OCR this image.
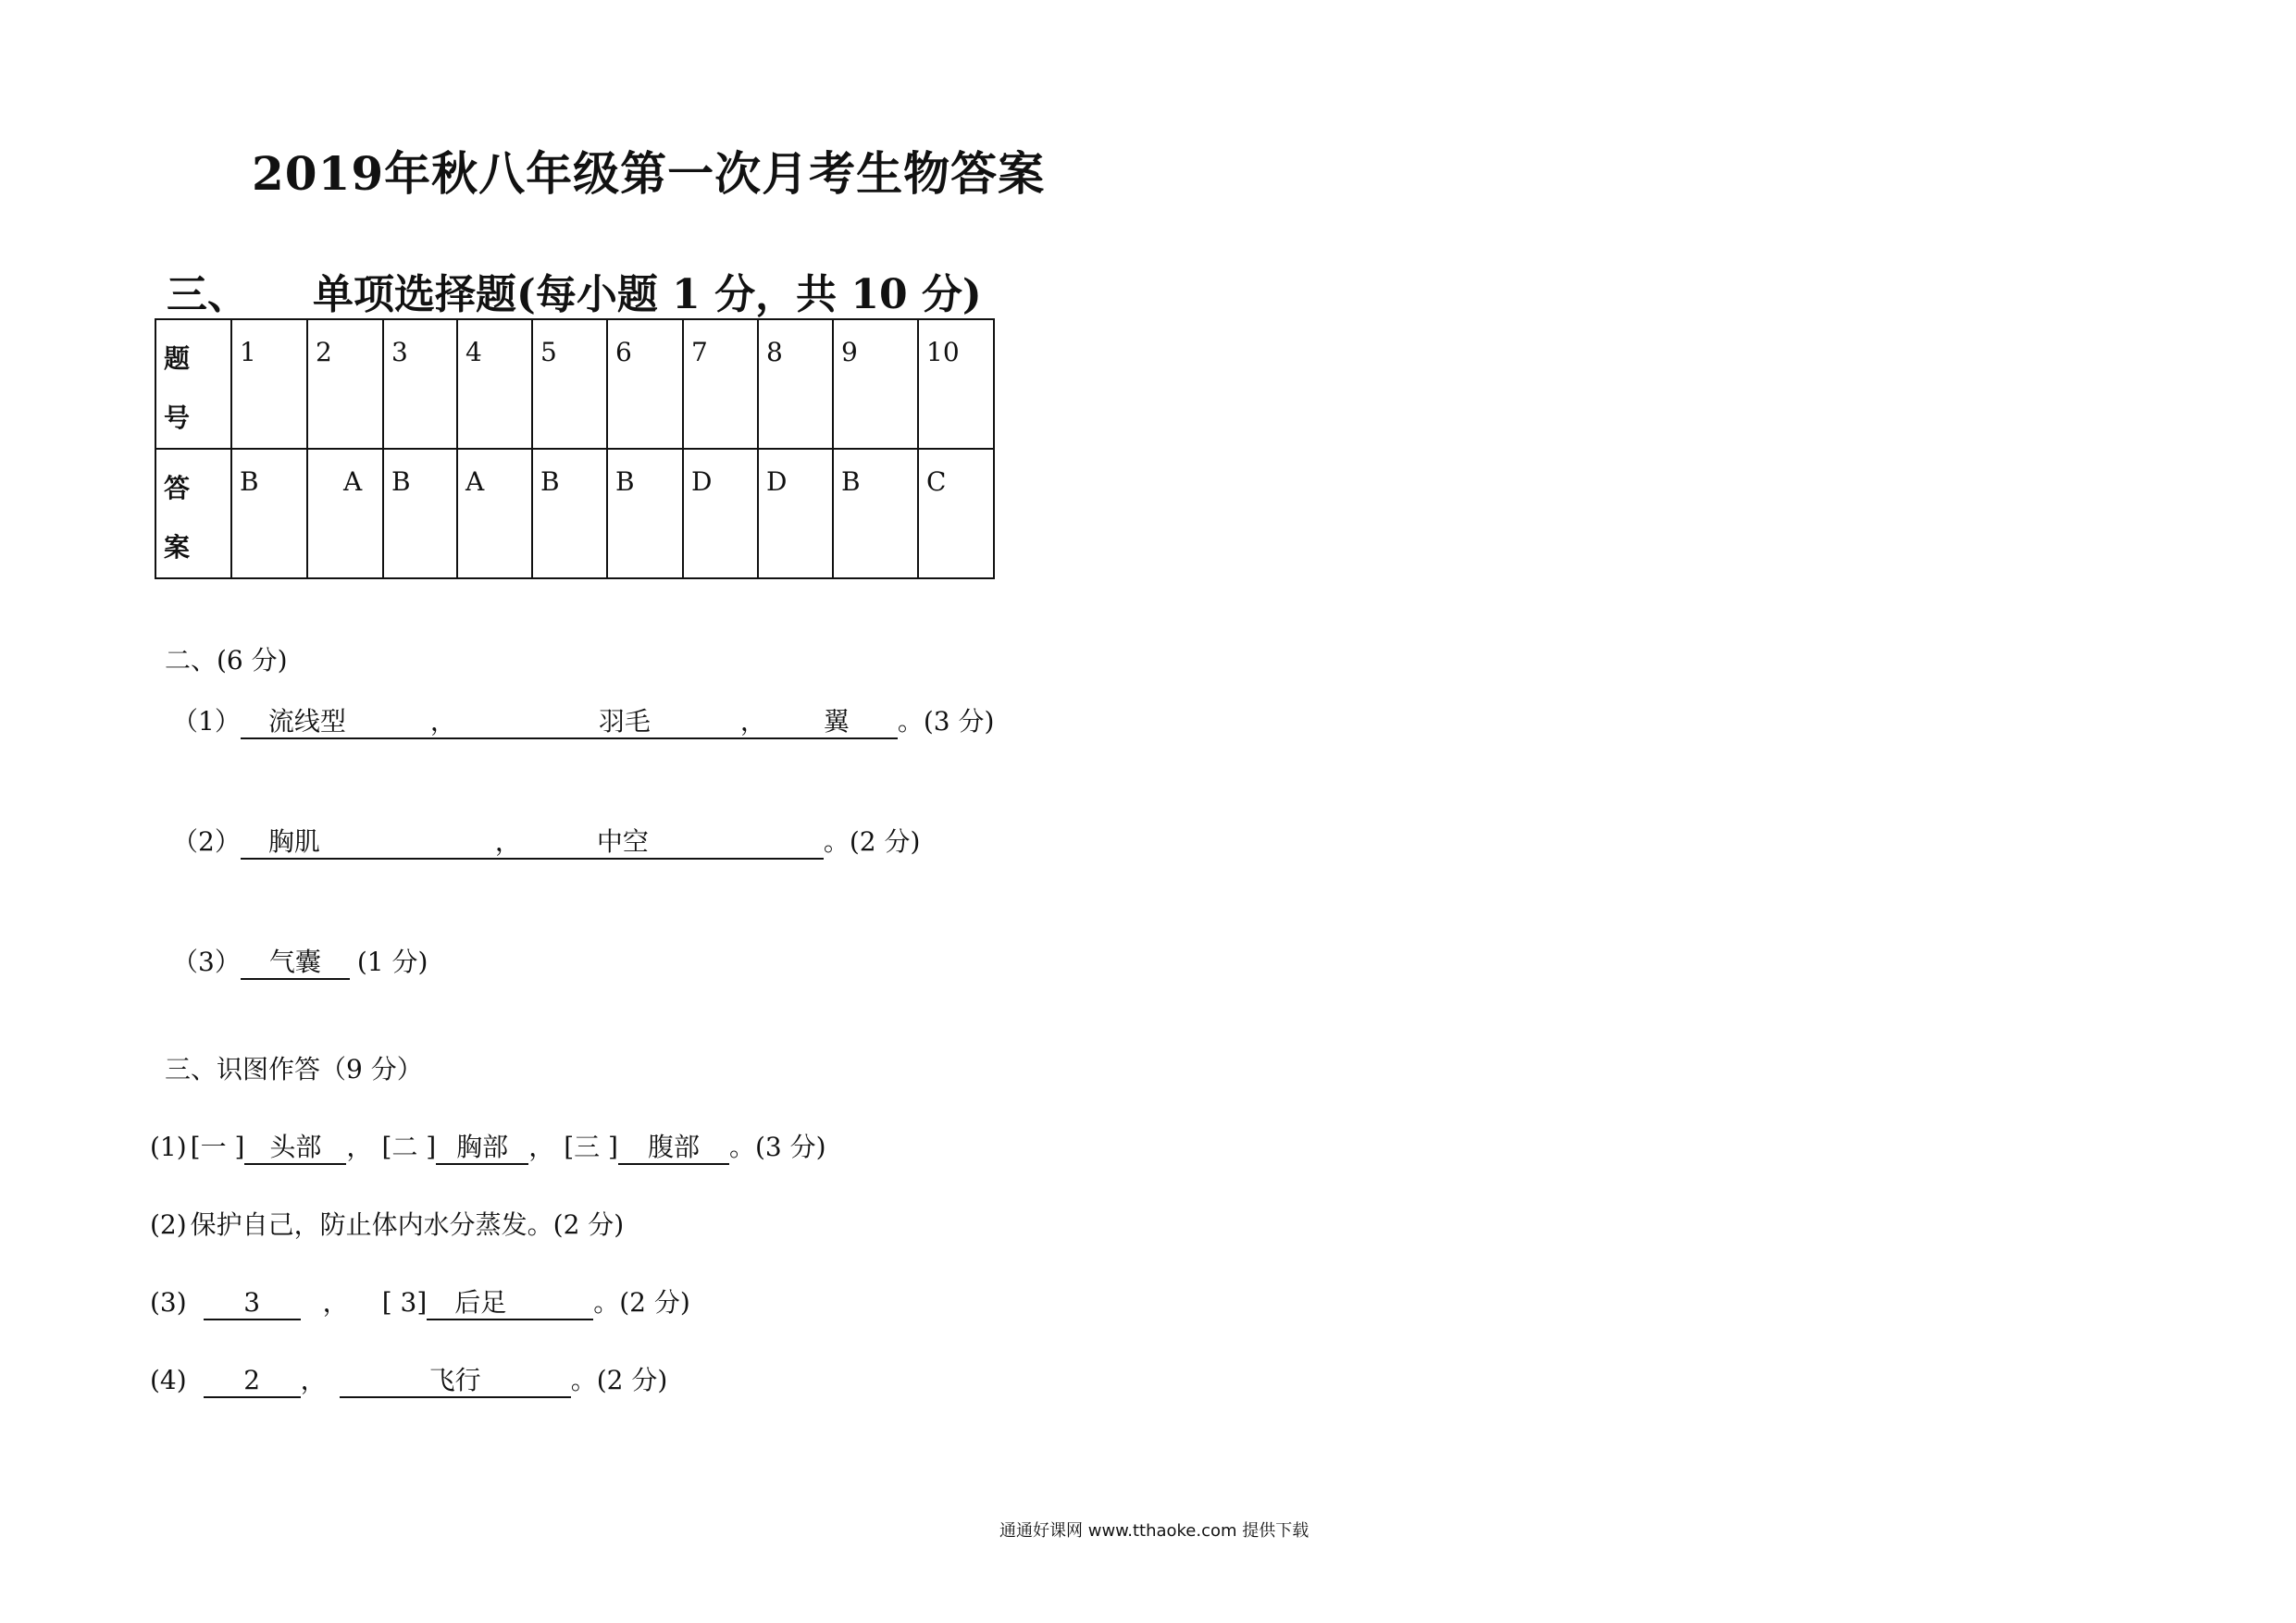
2019年秋八年级第一次月考生物答案
三、 单项选择题(每小题 1 分，共 10 分)
题
号	1	2	3	4	5	6	7	8	9	10

答
案	B	A	B	A	B	B	D	D	B	C
二、(6 分)
（1） 流线型	，	羽毛	， 翼 。(3 分)
（2） 胸肌	，	中空	。(2 分)
（3） 气囊 (1 分)
三、识图作答（9 分）
(1) [一 ] 头部 ， [二 ] 胸部 ， [三 ] 腹部 。(3 分)
(2) 保护自己，防止体内水分蒸发。(2 分)
(3) 3 ， [ 3] 后足	。(2 分)
(4) 2 ，	飞行	。(2 分)
通通好课网 www.tthaoke.com 提供下载
